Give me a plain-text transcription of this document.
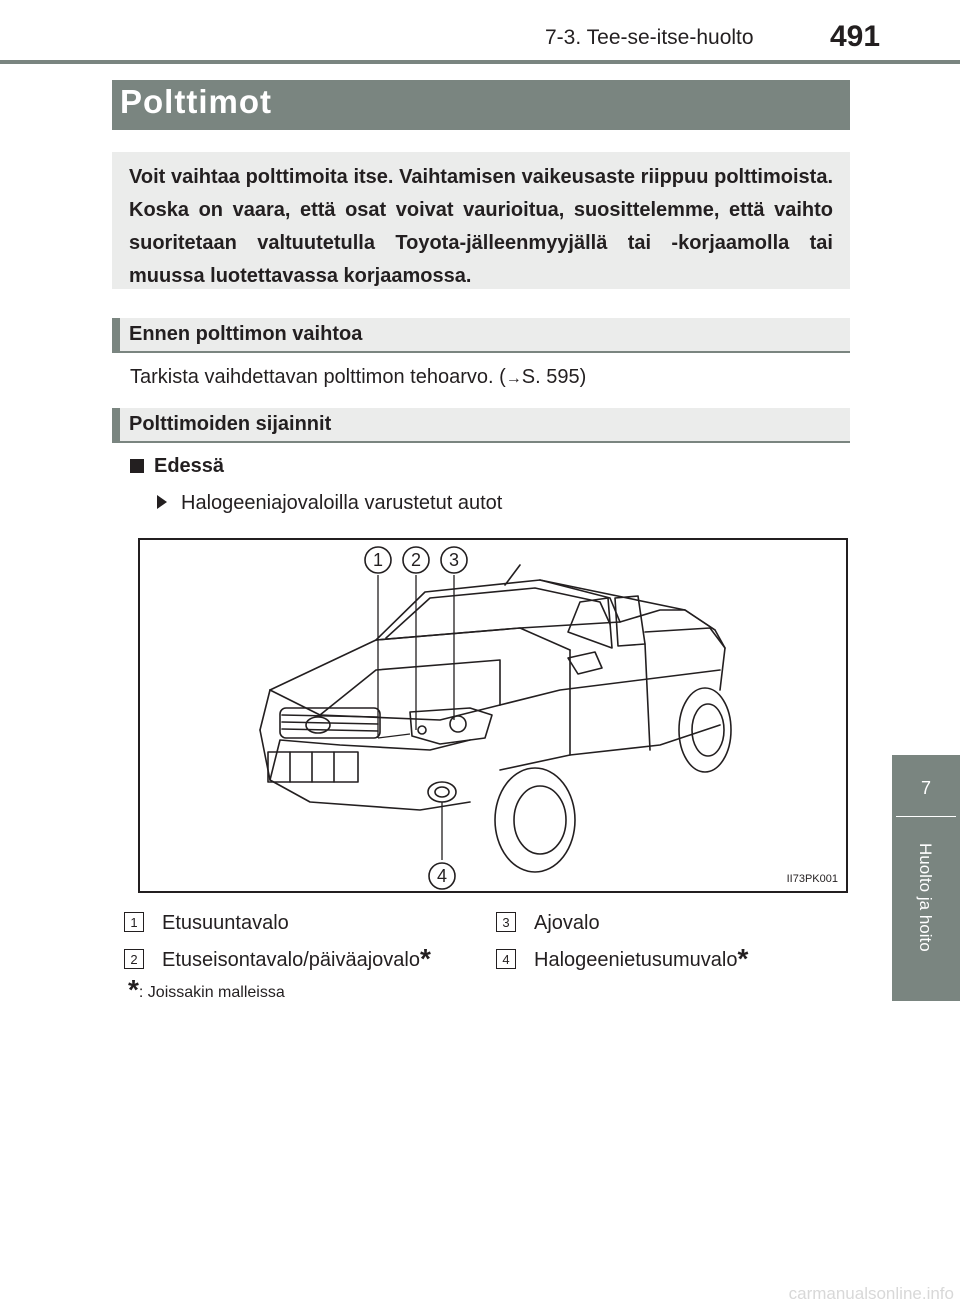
7-3. Tee-se-itse-huolto	491
Polttimot
Voit vaihtaa polttimoita itse. Vaihtamisen vaikeusaste riippuu polttimoista. Koska on vaara, että osat voivat vaurioitua, suosittelemme, että vaihto suoritetaan valtuutetulla Toyota-jälleenmyyjällä tai -korjaamolla tai muussa luotettavassa korjaamossa.
Ennen polttimon vaihtoa
Tarkista vaihdettavan polttimon tehoarvo. (→S. 595)
Polttimoiden sijainnit
Edessä
Halogeeniajovaloilla varustetut autot
1 2 3
4	II73PK001
1 Etusuuntavalo
2 Etuseisontavalo/päiväajovalo*
3 Ajovalo
4 Halogeenietusumuvalo*
*: Joissakin malleissa
7
Huolto ja hoito
carmanualsonline.info
